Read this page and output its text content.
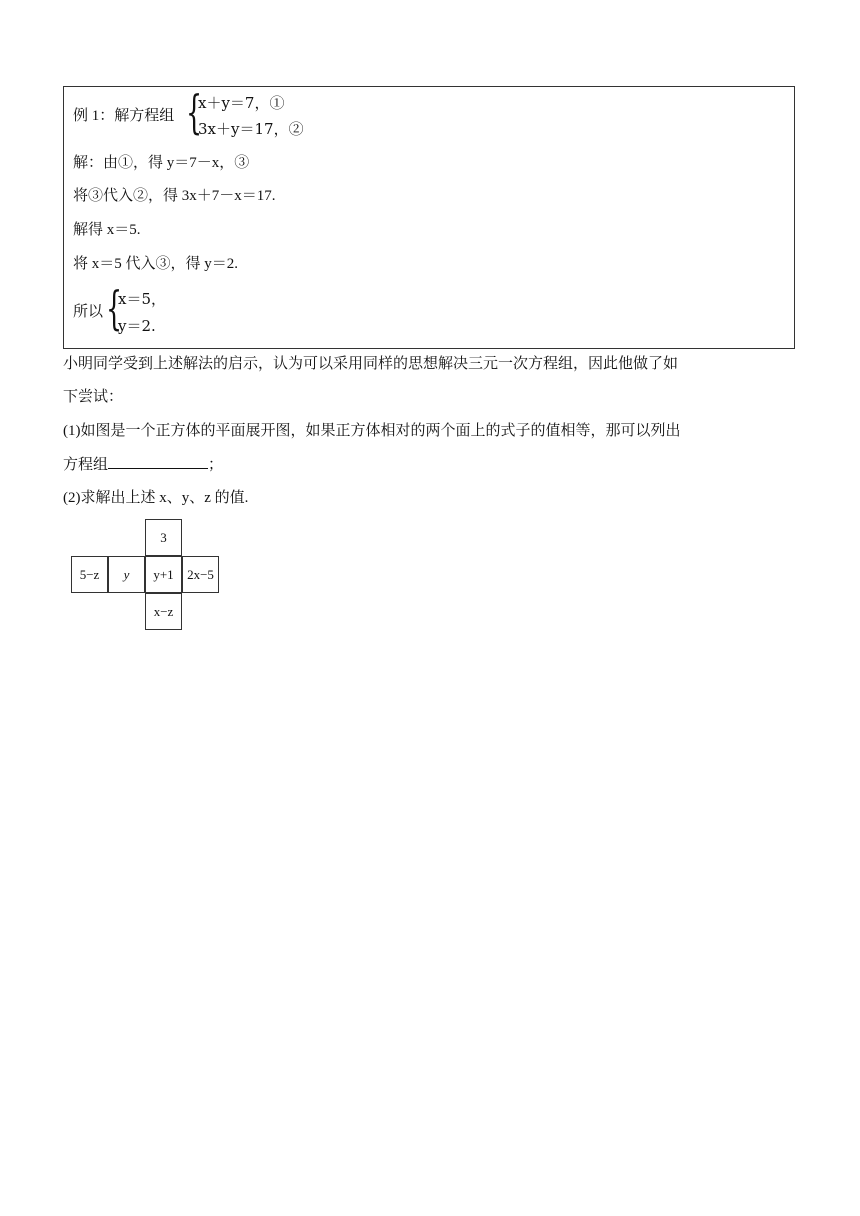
例 1：解方程组 {
x＋y＝7，①
3x＋y＝17，②
解：由①，得 y＝7－x，③
将③代入②，得 3x＋7－x＝17.
解得 x＝5.
将 x＝5 代入③，得 y＝2.
所以 {
x＝5，
y＝2.
小明同学受到上述解法的启示，认为可以采用同样的思想解决三元一次方程组，因此他做了如
下尝试：
(1)如图是一个正方体的平面展开图，如果正方体相对的两个面上的式子的值相等，那可以列出
方程组	；
(2)求解出上述 x、y、z 的值.
3
5−z	y	y+1	2x−5
x−z
